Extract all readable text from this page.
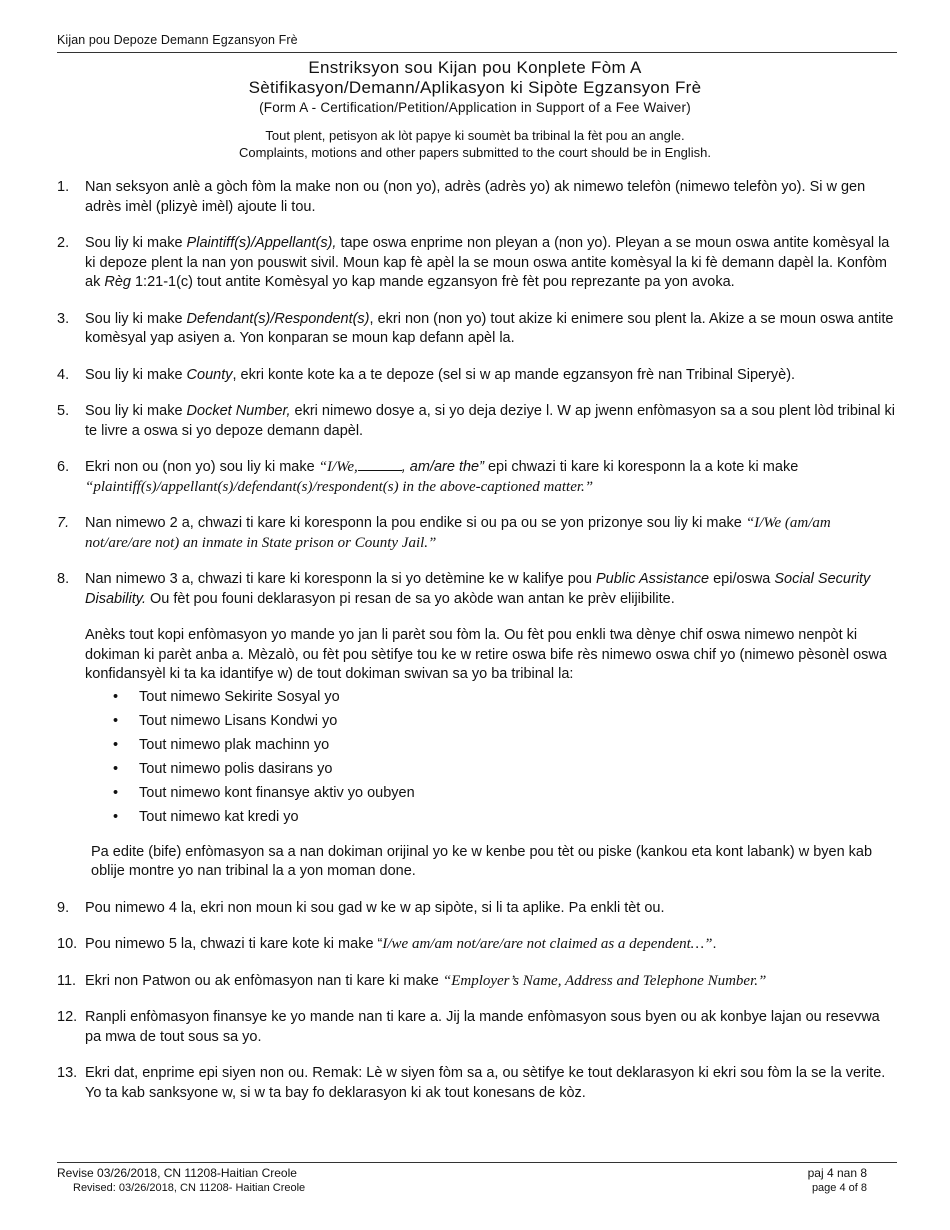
Kijan pou Depoze Demann Egzansyon Frè
Enstriksyon sou Kijan pou Konplete Fòm A
Sètifikasyon/Demann/Aplikasyon ki Sipòte Egzansyon Frè
(Form A - Certification/Petition/Application in Support of a Fee Waiver)
Tout plent, petisyon ak lòt papye ki soumèt ba tribinal la fèt pou an angle.
Complaints, motions and other papers submitted to the court should be in English.
1.	Nan seksyon anlè a gòch fòm la make non ou (non yo), adrès (adrès yo) ak nimewo telefòn (nimewo telefòn yo). Si w gen adrès imèl (plizyè imèl) ajoute li tou.
2.	Sou liy ki make Plaintiff(s)/Appellant(s), tape oswa enprime non pleyan a (non yo). Pleyan a se moun oswa antite komèsyal la ki depoze plent la nan yon pouswit sivil. Moun kap fè apèl la se moun oswa antite komèsyal la ki fè demann dapèl la. Konfòm ak Règ 1:21-1(c) tout antite Komèsyal yo kap mande egzansyon frè fèt pou reprezante pa yon avoka.
3.	Sou liy ki make Defendant(s)/Respondent(s), ekri non (non yo) tout akize ki enimere sou plent la. Akize a se moun oswa antite komèsyal yap asiyen a. Yon konparan se moun kap defann apèl la.
4.	Sou liy ki make County, ekri konte kote ka a te depoze (sel si w ap mande egzansyon frè nan Tribinal Siperyè).
5.	Sou liy ki make Docket Number, ekri nimewo dosye a, si yo deja deziye l. W ap jwenn enfòmasyon sa a sou plent lòd tribinal ki te livre a oswa si yo depoze demann dapèl.
6.	Ekri non ou (non yo) sou liy ki make “I/We,	, am/are the” epi chwazi ti kare ki koresponn la a kote ki make “plaintiff(s)/appellant(s)/defendant(s)/respondent(s) in the above-captioned matter.”
7.	Nan nimewo 2 a, chwazi ti kare ki koresponn la pou endike si ou pa ou se yon prizonye sou liy ki make “I/We (am/am not/are/are not) an inmate in State prison or County Jail.”
8.	Nan nimewo 3 a, chwazi ti kare ki koresponn la si yo detèmine ke w kalifye pou Public Assistance epi/oswa Social Security Disability. Ou fèt pou founi deklarasyon pi resan de sa yo akòde wan antan ke prèv elijibilite.
Anèks tout kopi enfòmasyon yo mande yo jan li parèt sou fòm la. Ou fèt pou enkli twa dènye chif oswa nimewo nenpòt ki dokiman ki parèt anba a. Mèzalò, ou fèt pou sètifye tou ke w retire oswa bife rès nimewo oswa chif yo (nimewo pèsonèl oswa konfidansyèl ki ta ka idantifye w) de tout dokiman swivan sa yo ba tribinal la:
• Tout nimewo Sekirite Sosyal yo
• Tout nimewo Lisans Kondwi yo
• Tout nimewo plak machinn yo
• Tout nimewo polis dasirans yo
• Tout nimewo kont finansye aktiv yo oubyen
• Tout nimewo kat kredi yo
Pa edite (bife) enfòmasyon sa a nan dokiman orijinal yo ke w kenbe pou tèt ou piske (kankou eta kont labank) w byen kab oblije montre yo nan tribinal la a yon moman done.
9.	Pou nimewo 4 la, ekri non moun ki sou gad w ke w ap sipòte, si li ta aplike. Pa enkli tèt ou.
10. Pou nimewo 5 la, chwazi ti kare kote ki make “I/we am/am not/are/are not claimed as a dependent…”.
11. Ekri non Patwon ou ak enfòmasyon nan ti kare ki make “Employer’s Name, Address and Telephone Number.”
12. Ranpli enfòmasyon finansye ke yo mande nan ti kare a. Jij la mande enfòmasyon sous byen ou ak konbye lajan ou resevwa pa mwa de tout sous sa yo.
13. Ekri dat, enprime epi siyen non ou. Remak: Lè w siyen fòm sa a, ou sètifye ke tout deklarasyon ki ekri sou fòm la se la verite. Yo ta kab sanksyone w, si w ta bay fo deklarasyon ki ak tout konesans de kòz.
Revise 03/26/2018, CN 11208-Haitian Creole	paj 4 nan 8
Revised: 03/26/2018, CN 11208- Haitian Creole	page 4 of 8
